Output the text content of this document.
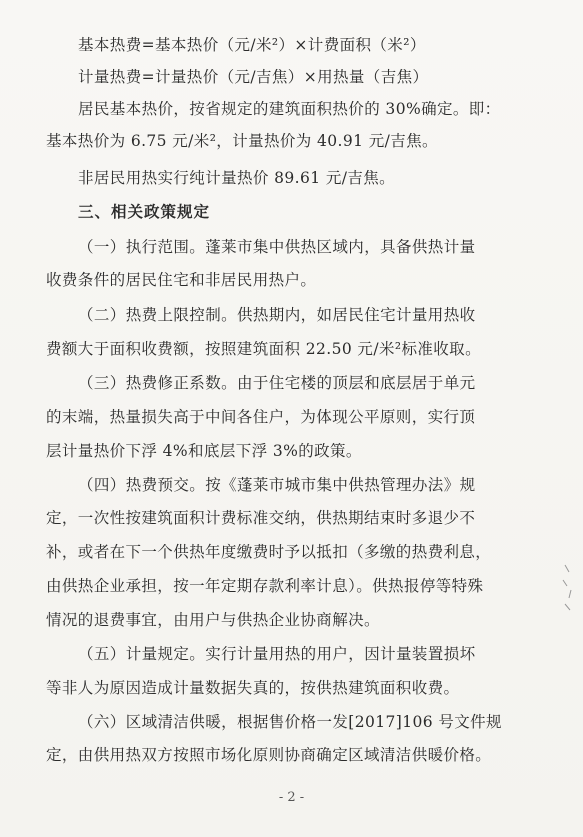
基本热费=基本热价（元/米²）×计费面积（米²）
计量热费=计量热价（元/吉焦）×用热量（吉焦）
居民基本热价，按省规定的建筑面积热价的 30%确定。即：
基本热价为 6.75 元/米²，计量热价为 40.91 元/吉焦。
非居民用热实行纯计量热价 89.61 元/吉焦。
三、相关政策规定
（一）执行范围。蓬莱市集中供热区域内，具备供热计量
收费条件的居民住宅和非居民用热户。
（二）热费上限控制。供热期内，如居民住宅计量用热收
费额大于面积收费额，按照建筑面积 22.50 元/米²标准收取。
（三）热费修正系数。由于住宅楼的顶层和底层居于单元
的末端，热量损失高于中间各住户，为体现公平原则，实行顶
层计量热价下浮 4%和底层下浮 3%的政策。
（四）热费预交。按《蓬莱市城市集中供热管理办法》规
定，一次性按建筑面积计费标准交纳，供热期结束时多退少不
补，或者在下一个供热年度缴费时予以抵扣（多缴的热费利息，
由供热企业承担，按一年定期存款利率计息）。供热报停等特殊
情况的退费事宜，由用户与供热企业协商解决。
（五）计量规定。实行计量用热的用户，因计量装置损坏
等非人为原因造成计量数据失真的，按供热建筑面积收费。
（六）区域清洁供暖，根据售价格一发[2017]106 号文件规
定，由供用热双方按照市场化原则协商确定区域清洁供暖价格。
- 2 -
